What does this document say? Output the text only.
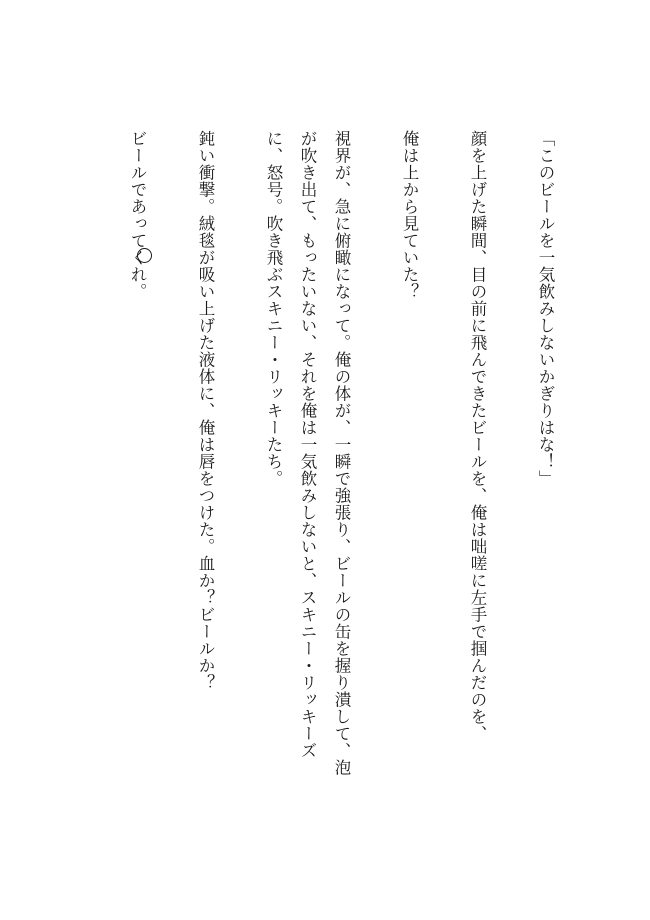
「このビールを一気飲みしないかぎりはな！」

顔を上げた瞬間、目の前に飛んできたビールを、俺は咄嗟に左手で掴んだのを、

俺は上から見ていた？

視界が、急に俯瞰になって。俺の体が、一瞬で強張り、ビールの缶を握り潰して、泡が吹き出て、もったいない、それを俺は一気飲みしないと、スキニー・リッキーズに、怒号。吹き飛ぶスキニー・リッキーたち。

鈍い衝撃。絨毯が吸い上げた液体に、俺は唇をつけた。血か？ビールか？

ビールであってくれ。
